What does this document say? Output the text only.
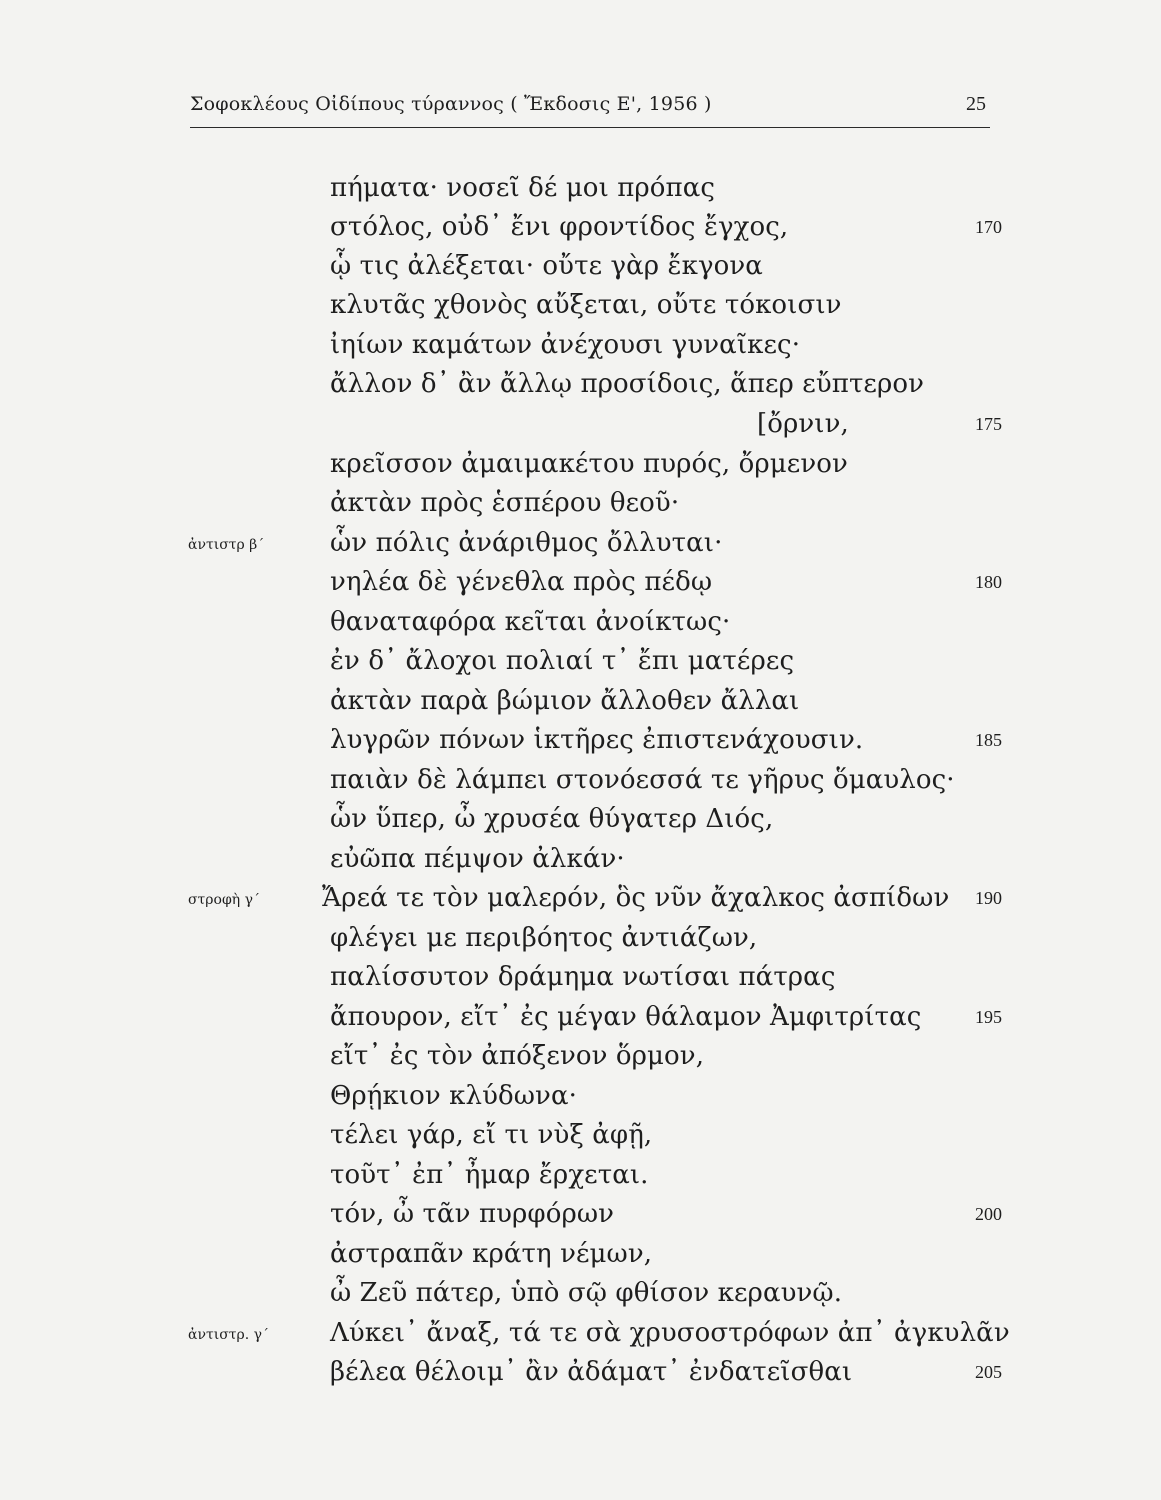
Σοφοκλέους Οἰδίπους τύραννος ( Ἔκδοσις Ε', 1956 )	25
πήματα· νοσεῖ δέ μοι πρόπας
στόλος, οὐδ᾽ ἔνι φροντίδος ἔγχος,	170
ᾧ τις ἀλέξεται· οὔτε γὰρ ἔκγονα
κλυτᾶς χθονὸς αὔξεται, οὔτε τόκοισιν
ἰηίων καμάτων ἀνέχουσι γυναῖκες·
ἄλλον δ᾽ ἂν ἄλλῳ προσίδοις, ἅπερ εὔπτερον
[ὄρνιν,	175
κρεῖσσον ἀμαιμακέτου πυρός, ὄρμενον
ἀκτὰν πρὸς ἑσπέρου θεοῦ·
ἀντιστρ β΄	ὧν πόλις ἀνάριθμος ὄλλυται·
νηλέα δὲ γένεθλα πρὸς πέδῳ	180
θαναταφόρα κεῖται ἀνοίκτως·
ἐν δ᾽ ἄλοχοι πολιαί τ᾽ ἔπι ματέρες
ἀκτὰν παρὰ βώμιον ἄλλοθεν ἄλλαι
λυγρῶν πόνων ἱκτῆρες ἐπιστενάχουσιν.	185
παιὰν δὲ λάμπει στονόεσσά τε γῆρυς ὅμαυλος·
ὧν ὕπερ, ὦ χρυσέα θύγατερ Διός,
εὐῶπα πέμψον ἀλκάν·
στροφὴ γ΄ Ἄρεά τε τὸν μαλερόν, ὃς νῦν ἄχαλκος ἀσπίδων 190
φλέγει με περιβόητος ἀντιάζων,
παλίσσυτον δράμημα νωτίσαι πάτρας
ἄπουρον, εἴτ᾽ ἐς μέγαν θάλαμον Ἀμφιτρίτας	195
εἴτ᾽ ἐς τὸν ἀπόξενον ὅρμον,
Θρῄκιον κλύδωνα·
τέλει γάρ, εἴ τι νὺξ ἀφῇ,
τοῦτ᾽ ἐπ᾽ ἦμαρ ἔρχεται.
τόν, ὦ τᾶν πυρφόρων	200
ἀστραπᾶν κράτη νέμων,
ὦ Ζεῦ πάτερ, ὑπὸ σῷ φθίσον κεραυνῷ.
ἀντιστρ. γ΄ Λύκει᾽ ἄναξ, τά τε σὰ χρυσοστρόφων ἀπ᾽ ἀγκυλᾶν
βέλεα θέλοιμ᾽ ἂν ἀδάματ᾽ ἐνδατεῖσθαι	205
